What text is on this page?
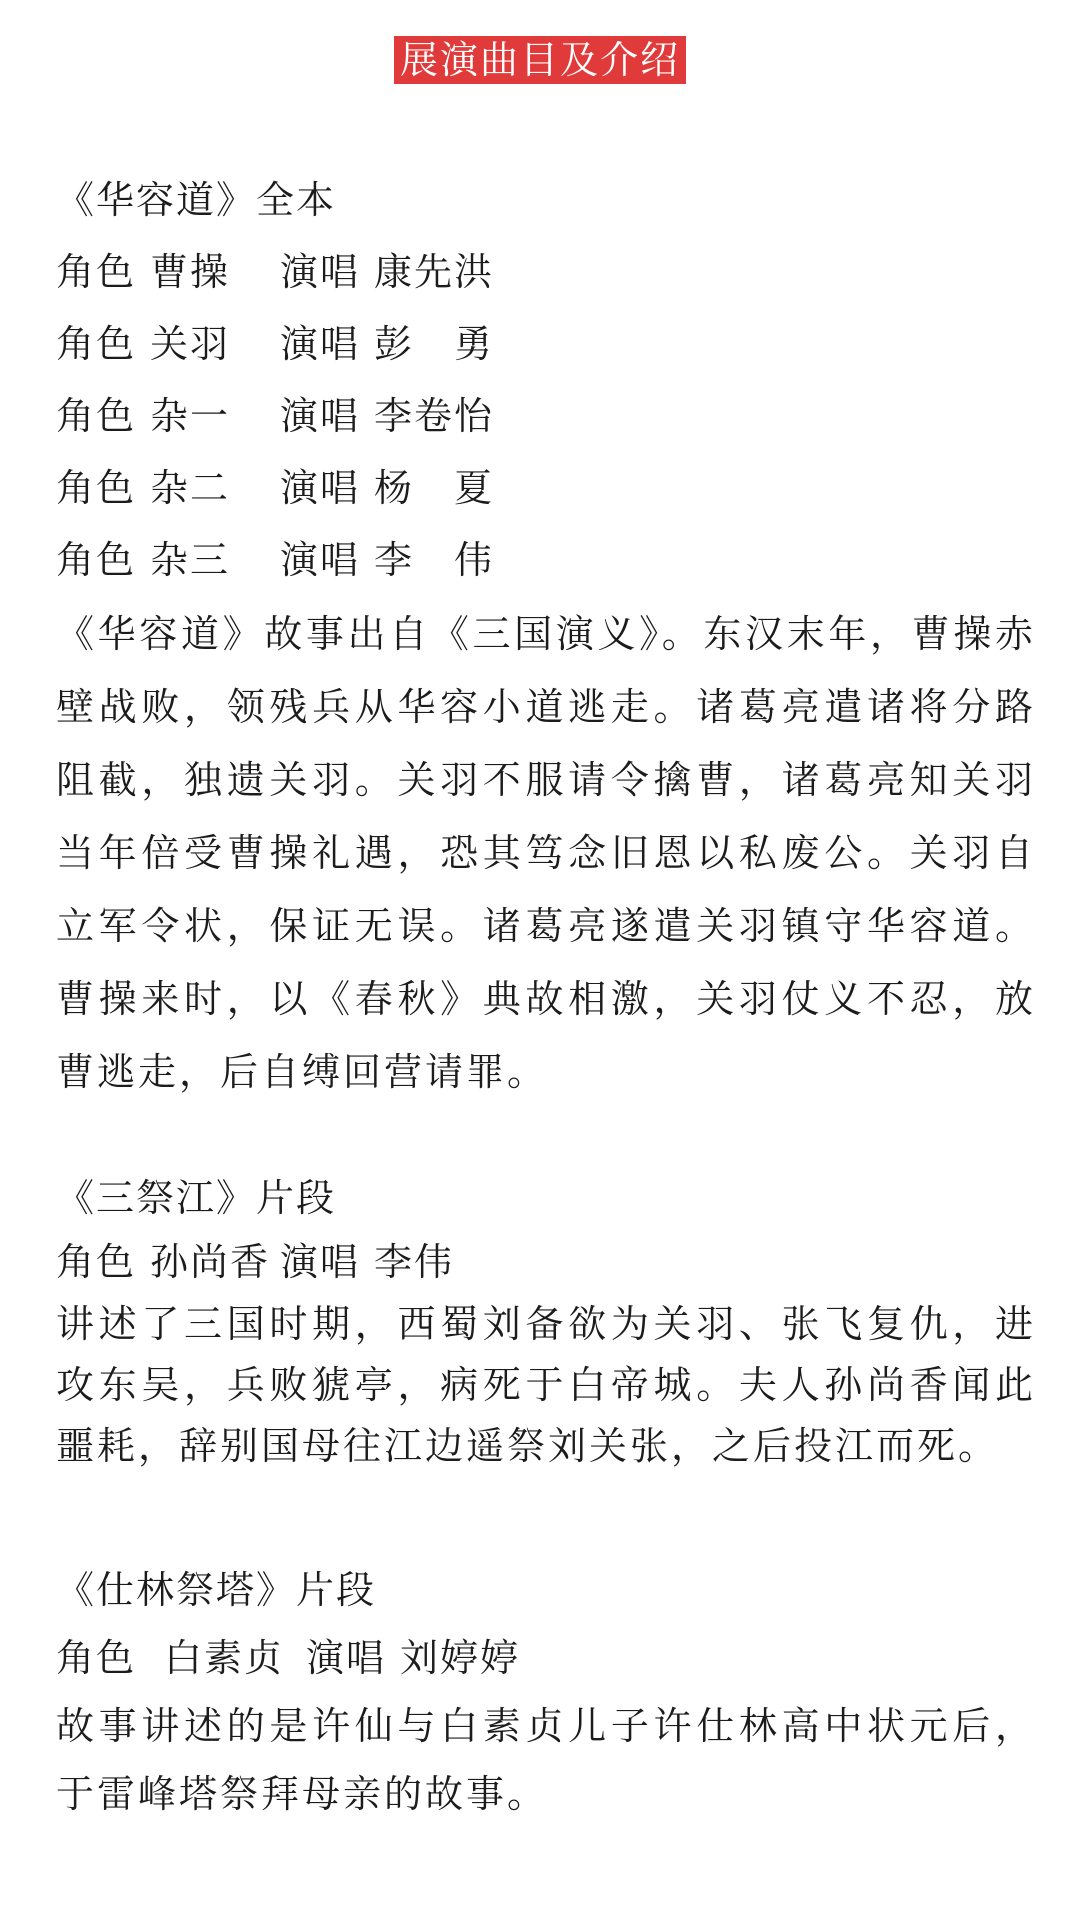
展演曲目及介绍
《华容道》全本
角色 曹操 演唱 康先洪
角色 关羽 演唱 彭　勇
角色 杂一 演唱 李卷怡
角色 杂二 演唱 杨　夏
角色 杂三 演唱 李　伟

《华容道》故事出自《三国演义》。东汉末年，曹操赤壁战败，领残兵从华容小道逃走。诸葛亮遣诸将分路阻截，独遗关羽。关羽不服请令擒曹，诸葛亮知关羽当年倍受曹操礼遇，恐其笃念旧恩以私废公。关羽自立军令状，保证无误。诸葛亮遂遣关羽镇守华容道。曹操来时，以《春秋》典故相激，关羽仗义不忍，放曹逃走，后自缚回营请罪。

《三祭江》片段
角色 孙尚香 演唱 李伟

讲述了三国时期，西蜀刘备欲为关羽、张飞复仇，进攻东吴，兵败猇亭，病死于白帝城。夫人孙尚香闻此噩耗，辞别国母往江边遥祭刘关张，之后投江而死。

《仕林祭塔》片段
角色 白素贞 演唱 刘婷婷

故事讲述的是许仙与白素贞儿子许仕林高中状元后，于雷峰塔祭拜母亲的故事。
